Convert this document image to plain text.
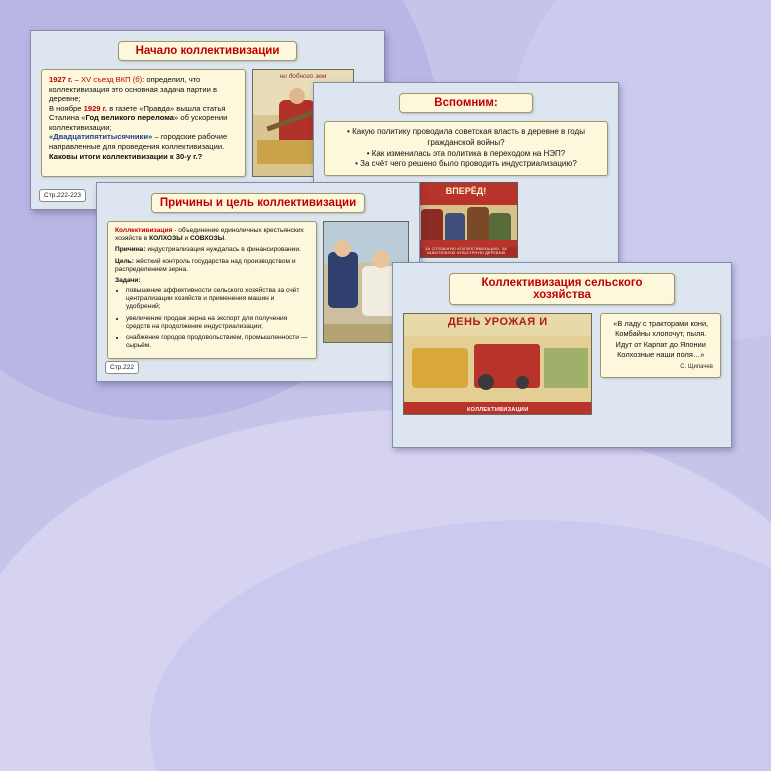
Начало коллективизации
1927 г. – XV съезд ВКП (б): определил, что коллективизация это основная задача партии в деревне;
В ноябре 1929 г. в газете «Правда» вышла статья Сталина «Год великого перелома» об ускорении коллективизации;
«Двадцатипятитысячники» – городские рабочие направленные для проведения коллективизации.
Каковы итоги коллективизации к 30-у г.?
ни добного зем
Стр.222-223
Вспомним:
• Какую политику проводила советская власть в деревне в годы гражданской войны?
• Как изменилась эта политика в переходом на НЭП?
• За счёт чего решено было проводить индустриализацию?
ВПЕРЁД!
ЗА СПЛОШНУЮ КОЛЛЕКТИВИЗАЦИЮ, ЗА ЗАЖИТОЧНУЮ КУЛЬТУРНУЮ ДЕРЕВНЮ
Причины и цель коллективизации
Коллективизация - объединение единоличных крестьянских хозяйств в КОЛХОЗЫ и СОВХОЗЫ.
Причина: индустриализация нуждалась в финансировании.
Цель: жёсткий контроль государства над производством и распределением зерна.
Задачи:
• повышение эффективности сельского хозяйства за счёт централизации хозяйств и применения машин и удобрений;
• увеличение продаж зерна на экспорт для получения средств на продолжение индустриализации;
• снабжение городов продовольствием, промышленности — сырьём.
Стр.222
Коллективизация сельского хозяйства
ДЕНЬ УРОЖАЯ И
КОЛЛЕКТИВИЗАЦИИ
«В ладу с тракторами кони,
Комбайны хлопочут, пыля.
Идут от Карпат до Японии
Колхозные наши поля…»
С. Щипачев
